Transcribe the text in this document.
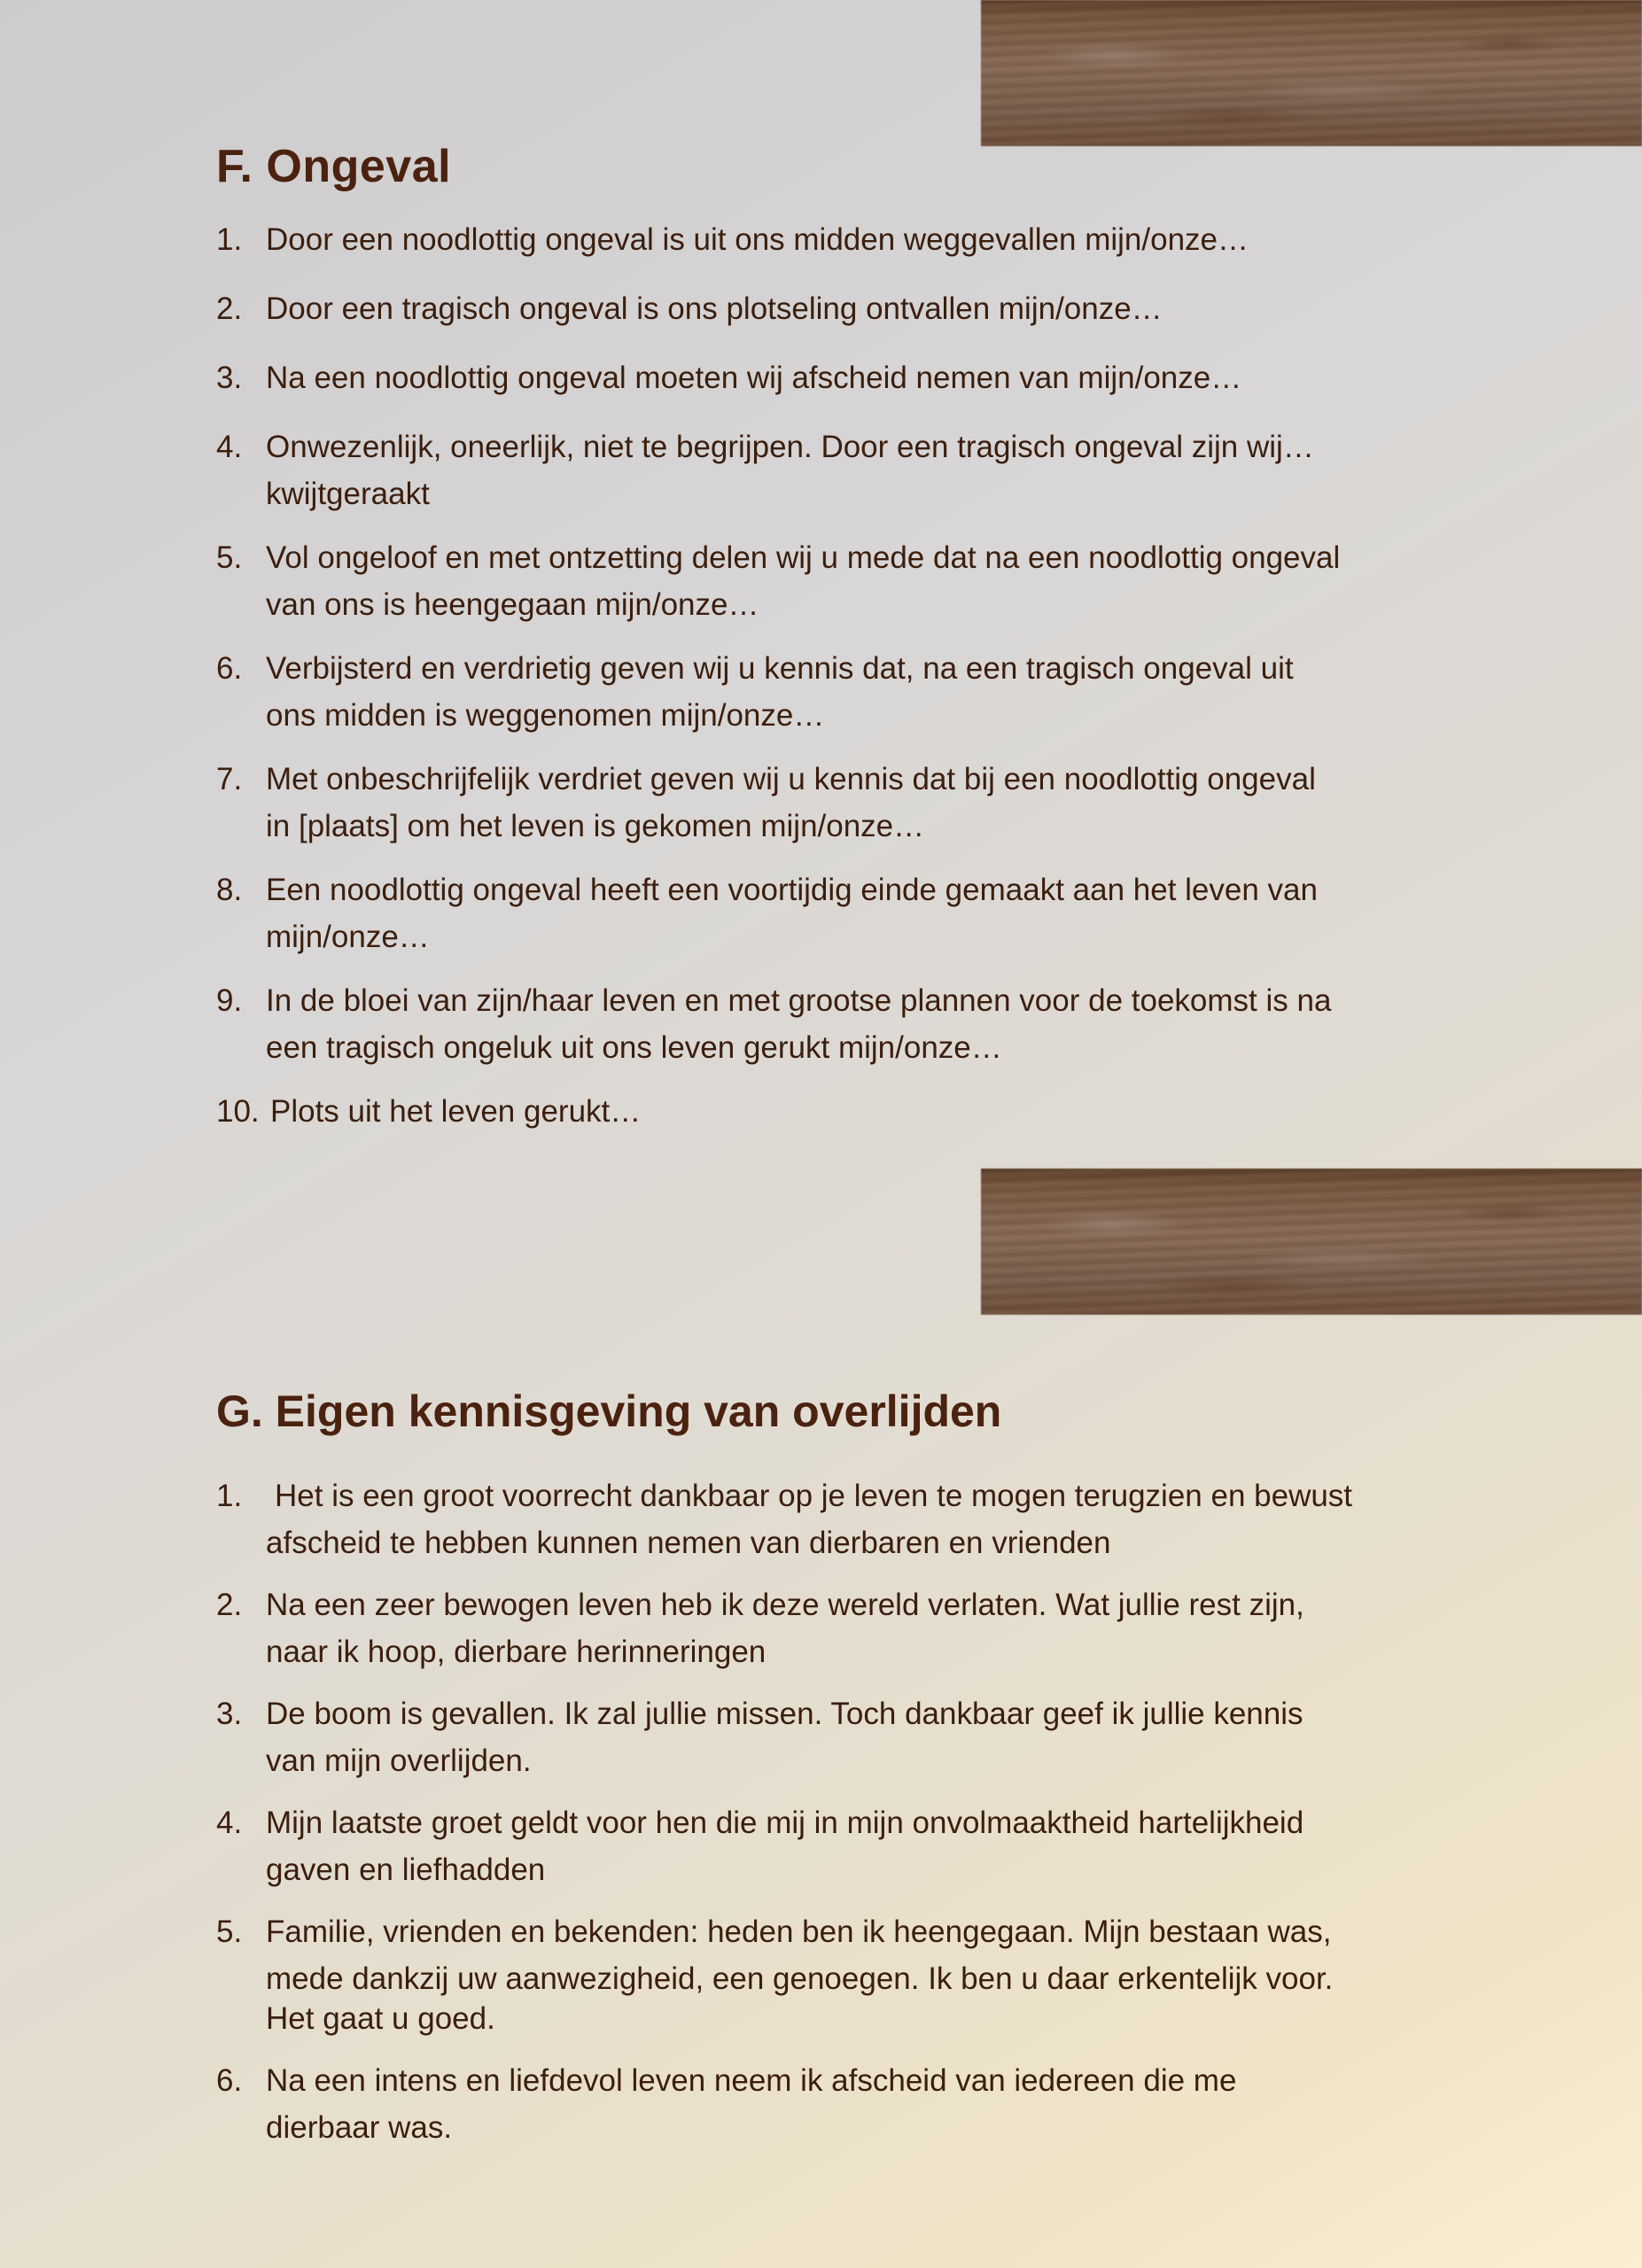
F. Ongeval
1. Door een noodlottig ongeval is uit ons midden weggevallen mijn/onze…
2. Door een tragisch ongeval is ons plotseling ontvallen mijn/onze…
3. Na een noodlottig ongeval moeten wij afscheid nemen van mijn/onze…
4. Onwezenlijk, oneerlijk, niet te begrijpen. Door een tragisch ongeval zijn wij…
kwijtgeraakt
5. Vol ongeloof en met ontzetting delen wij u mede dat na een noodlottig ongeval
van ons is heengegaan mijn/onze…
6. Verbijsterd en verdrietig geven wij u kennis dat, na een tragisch ongeval uit
ons midden is weggenomen mijn/onze…
7. Met onbeschrijfelijk verdriet geven wij u kennis dat bij een noodlottig ongeval
in [plaats] om het leven is gekomen mijn/onze…
8. Een noodlottig ongeval heeft een voortijdig einde gemaakt aan het leven van
mijn/onze…
9. In de bloei van zijn/haar leven en met grootse plannen voor de toekomst is na
een tragisch ongeluk uit ons leven gerukt mijn/onze…
10. Plots uit het leven gerukt…
G. Eigen kennisgeving van overlijden
1. Het is een groot voorrecht dankbaar op je leven te mogen terugzien en bewust
afscheid te hebben kunnen nemen van dierbaren en vrienden
2. Na een zeer bewogen leven heb ik deze wereld verlaten. Wat jullie rest zijn,
naar ik hoop, dierbare herinneringen
3. De boom is gevallen. Ik zal jullie missen. Toch dankbaar geef ik jullie kennis
van mijn overlijden.
4. Mijn laatste groet geldt voor hen die mij in mijn onvolmaaktheid hartelijkheid
gaven en liefhadden
5. Familie, vrienden en bekenden: heden ben ik heengegaan. Mijn bestaan was,
mede dankzij uw aanwezigheid, een genoegen. Ik ben u daar erkentelijk voor.
Het gaat u goed.
6. Na een intens en liefdevol leven neem ik afscheid van iedereen die me
dierbaar was.
